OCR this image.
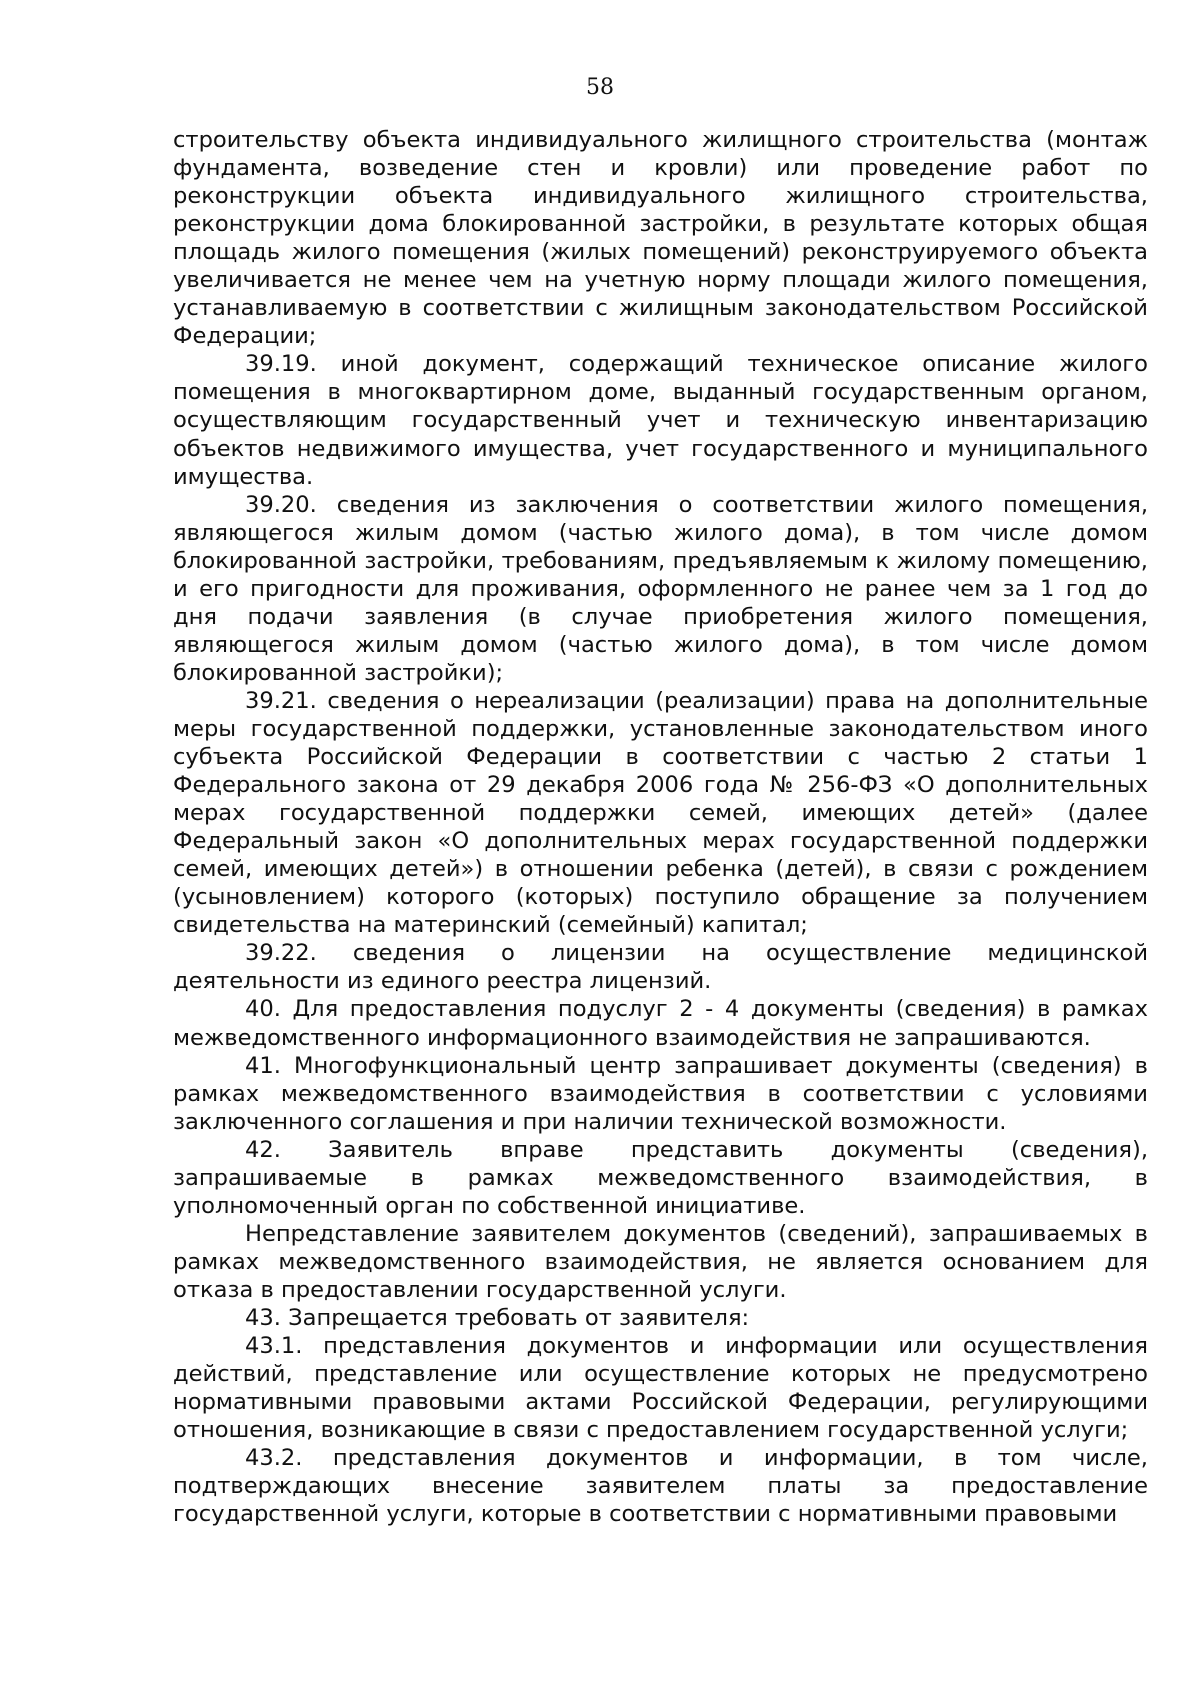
58

строительству объекта индивидуального жилищного строительства (монтаж фундамента, возведение стен и кровли) или проведение работ по реконструкции объекта индивидуального жилищного строительства, реконструкции дома блокированной застройки, в результате которых общая площадь жилого помещения (жилых помещений) реконструируемого объекта увеличивается не менее чем на учетную норму площади жилого помещения, устанавливаемую в соответствии с жилищным законодательством Российской Федерации;

39.19. иной документ, содержащий техническое описание жилого помещения в многоквартирном доме, выданный государственным органом, осуществляющим государственный учет и техническую инвентаризацию объектов недвижимого имущества, учет государственного и муниципального имущества.

39.20. сведения из заключения о соответствии жилого помещения, являющегося жилым домом (частью жилого дома), в том числе домом блокированной застройки, требованиям, предъявляемым к жилому помещению, и его пригодности для проживания, оформленного не ранее чем за 1 год до дня подачи заявления (в случае приобретения жилого помещения, являющегося жилым домом (частью жилого дома), в том числе домом блокированной застройки);

39.21. сведения о нереализации (реализации) права на дополнительные меры государственной поддержки, установленные законодательством иного субъекта Российской Федерации в соответствии с частью 2 статьи 1 Федерального закона от 29 декабря 2006 года № 256-ФЗ «О дополнительных мерах государственной поддержки семей, имеющих детей» (далее Федеральный закон «О дополнительных мерах государственной поддержки семей, имеющих детей») в отношении ребенка (детей), в связи с рождением (усыновлением) которого (которых) поступило обращение за получением свидетельства на материнский (семейный) капитал;

39.22. сведения о лицензии на осуществление медицинской деятельности из единого реестра лицензий.

40. Для предоставления подуслуг 2 - 4 документы (сведения) в рамках межведомственного информационного взаимодействия не запрашиваются.

41. Многофункциональный центр запрашивает документы (сведения) в рамках межведомственного взаимодействия в соответствии с условиями заключенного соглашения и при наличии технической возможности.

42. Заявитель вправе представить документы (сведения), запрашиваемые в рамках межведомственного взаимодействия, в уполномоченный орган по собственной инициативе.

Непредставление заявителем документов (сведений), запрашиваемых в рамках межведомственного взаимодействия, не является основанием для отказа в предоставлении государственной услуги.

43. Запрещается требовать от заявителя:

43.1. представления документов и информации или осуществления действий, представление или осуществление которых не предусмотрено нормативными правовыми актами Российской Федерации, регулирующими отношения, возникающие в связи с предоставлением государственной услуги;

43.2. представления документов и информации, в том числе, подтверждающих внесение заявителем платы за предоставление государственной услуги, которые в соответствии с нормативными правовыми
